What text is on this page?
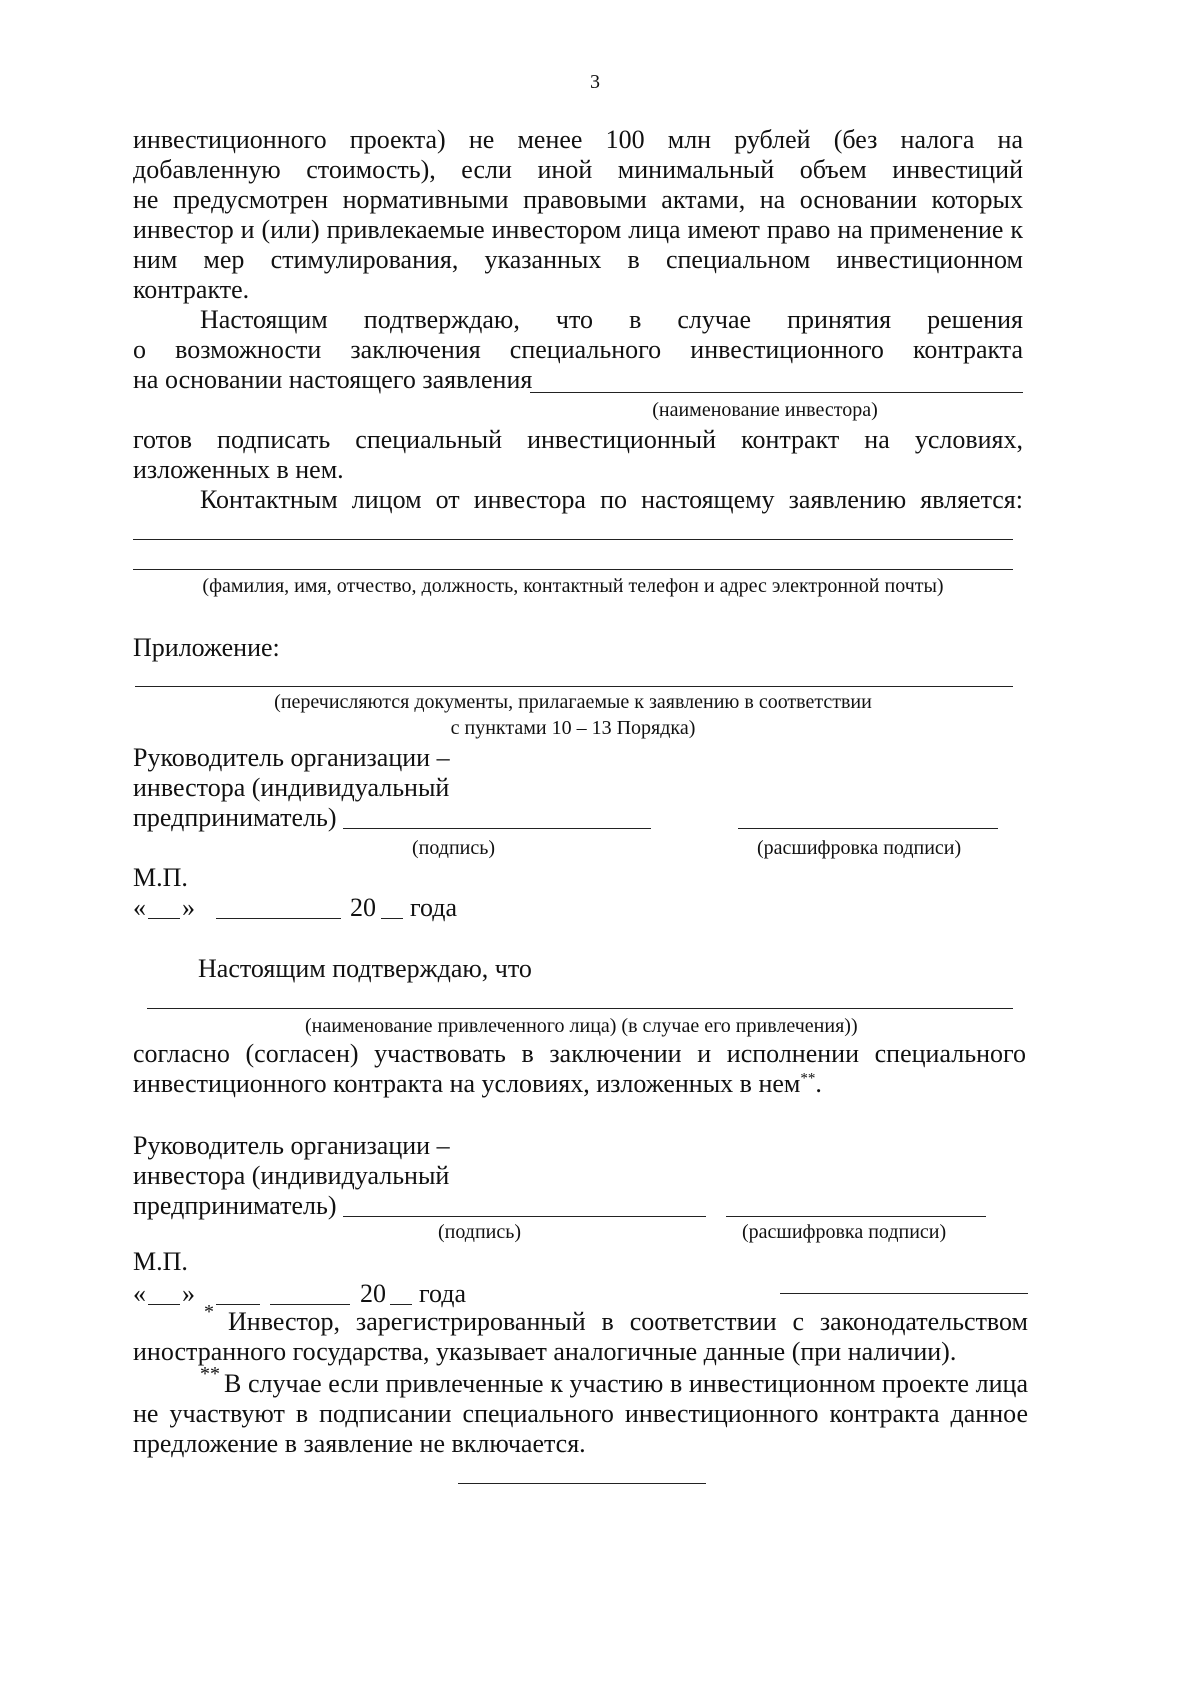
3
инвестиционного проекта) не менее 100 млн рублей (без налога на
добавленную стоимость), если иной минимальный объем инвестиций
не предусмотрен нормативными правовыми актами, на основании которых
инвестор и (или) привлекаемые инвестором лица имеют право на применение к
ним мер стимулирования, указанных в специальном инвестиционном
контракте.
Настоящим подтверждаю, что в случае принятия решения
о возможности заключения специального инвестиционного контракта
на основании настоящего заявления
(наименование инвестора)
готов подписать специальный инвестиционный контракт на условиях,
изложенных в нем.
Контактным лицом от инвестора по настоящему заявлению является:
(фамилия, имя, отчество, должность, контактный телефон и адрес электронной почты)
Приложение:
(перечисляются документы, прилагаемые к заявлению в соответствии
с пунктами 10 – 13 Порядка)
Руководитель организации –
инвестора (индивидуальный
предприниматель)
(подпись)	(расшифровка подписи)
М.П.
« »	20 года
Настоящим подтверждаю, что
(наименование привлеченного лица) (в случае его привлечения))
согласно (согласен) участвовать в заключении и исполнении специального
инвестиционного контракта на условиях, изложенных в нем**.
Руководитель организации –
инвестора (индивидуальный
предприниматель)
(подпись)	(расшифровка подписи)
М.П.
« »	20 года
* Инвестор, зарегистрированный в соответствии с законодательством
иностранного государства, указывает аналогичные данные (при наличии).
** В случае если привлеченные к участию в инвестиционном проекте лица
не участвуют в подписании специального инвестиционного контракта данное
предложение в заявление не включается.
